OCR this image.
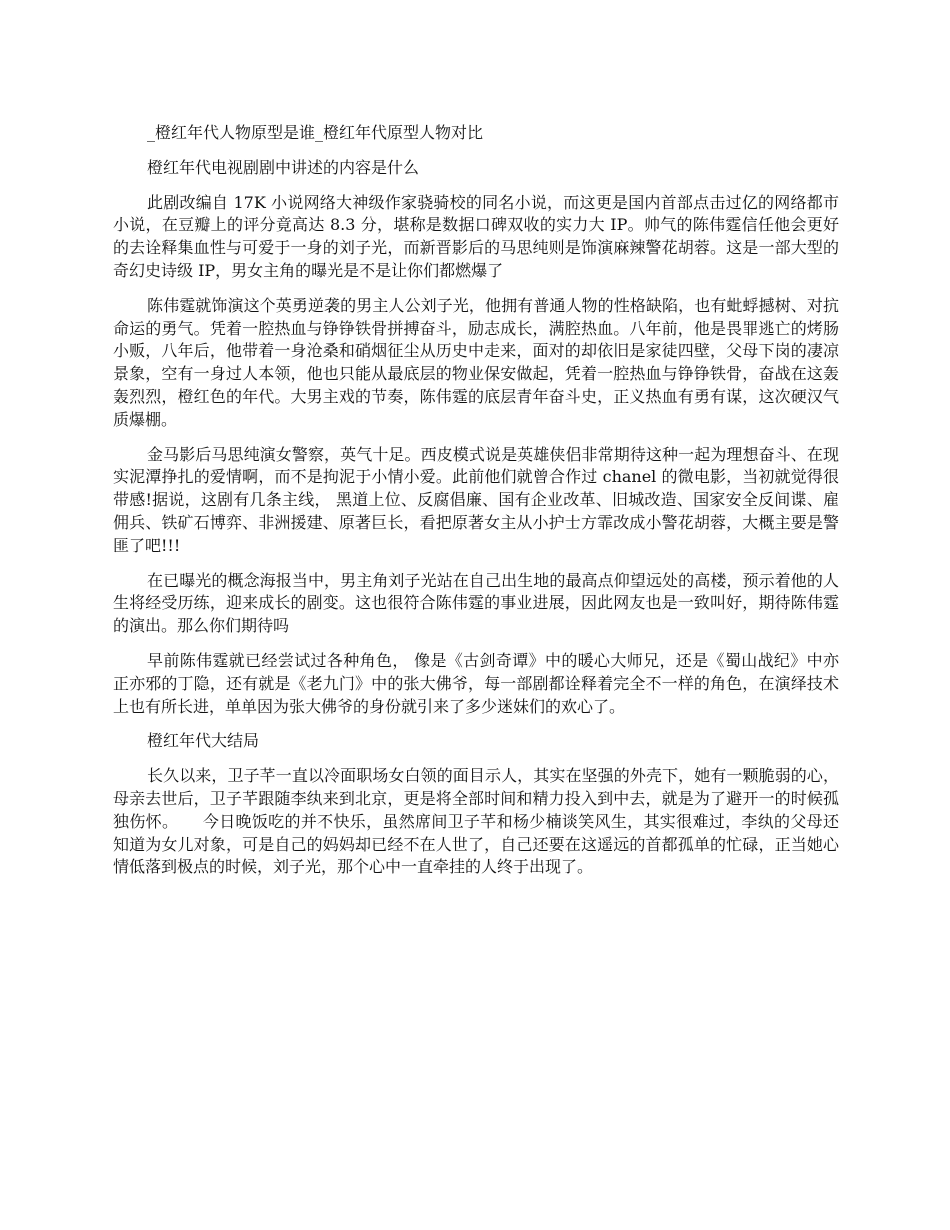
_橙红年代人物原型是谁_橙红年代原型人物对比

橙红年代电视剧剧中讲述的内容是什么

此剧改编自 17K 小说网络大神级作家骁骑校的同名小说，而这更是国内首部点击过亿的网络都市小说，在豆瓣上的评分竟高达 8.3 分，堪称是数据口碑双收的实力大 IP。帅气的陈伟霆信任他会更好的去诠释集血性与可爱于一身的刘子光，而新晋影后的马思纯则是饰演麻辣警花胡蓉。这是一部大型的奇幻史诗级 IP，男女主角的曝光是不是让你们都燃爆了

陈伟霆就饰演这个英勇逆袭的男主人公刘子光，他拥有普通人物的性格缺陷，也有蚍蜉撼树、对抗命运的勇气。凭着一腔热血与铮铮铁骨拼搏奋斗，励志成长，满腔热血。八年前，他是畏罪逃亡的烤肠小贩，八年后，他带着一身沧桑和硝烟征尘从历史中走来，面对的却依旧是家徒四壁，父母下岗的凄凉景象，空有一身过人本领，他也只能从最底层的物业保安做起，凭着一腔热血与铮铮铁骨，奋战在这轰轰烈烈，橙红色的年代。大男主戏的节奏，陈伟霆的底层青年奋斗史，正义热血有勇有谋，这次硬汉气质爆棚。

金马影后马思纯演女警察，英气十足。西皮模式说是英雄侠侣非常期待这种一起为理想奋斗、在现实泥潭挣扎的爱情啊，而不是拘泥于小情小爱。此前他们就曾合作过 chanel 的微电影，当初就觉得很带感!据说，这剧有几条主线， 黑道上位、反腐倡廉、国有企业改革、旧城改造、国家安全反间谍、雇佣兵、铁矿石博弈、非洲援建、原著巨长，看把原著女主从小护士方霏改成小警花胡蓉，大概主要是警匪了吧!!!

在已曝光的概念海报当中，男主角刘子光站在自己出生地的最高点仰望远处的高楼，预示着他的人生将经受历练，迎来成长的剧变。这也很符合陈伟霆的事业进展，因此网友也是一致叫好，期待陈伟霆的演出。那么你们期待吗

早前陈伟霆就已经尝试过各种角色， 像是《古剑奇谭》中的暖心大师兄，还是《蜀山战纪》中亦正亦邪的丁隐，还有就是《老九门》中的张大佛爷，每一部剧都诠释着完全不一样的角色，在演绎技术上也有所长进，单单因为张大佛爷的身份就引来了多少迷妹们的欢心了。

橙红年代大结局

长久以来，卫子芊一直以冷面职场女白领的面目示人，其实在坚强的外壳下，她有一颗脆弱的心，母亲去世后，卫子芊跟随李纨来到北京，更是将全部时间和精力投入到中去，就是为了避开一的时候孤独伤怀。　　今日晚饭吃的并不快乐，虽然席间卫子芊和杨少楠谈笑风生，其实很难过，李纨的父母还知道为女儿对象，可是自己的妈妈却已经不在人世了，自己还要在这遥远的首都孤单的忙碌，正当她心情低落到极点的时候，刘子光，那个心中一直牵挂的人终于出现了。
